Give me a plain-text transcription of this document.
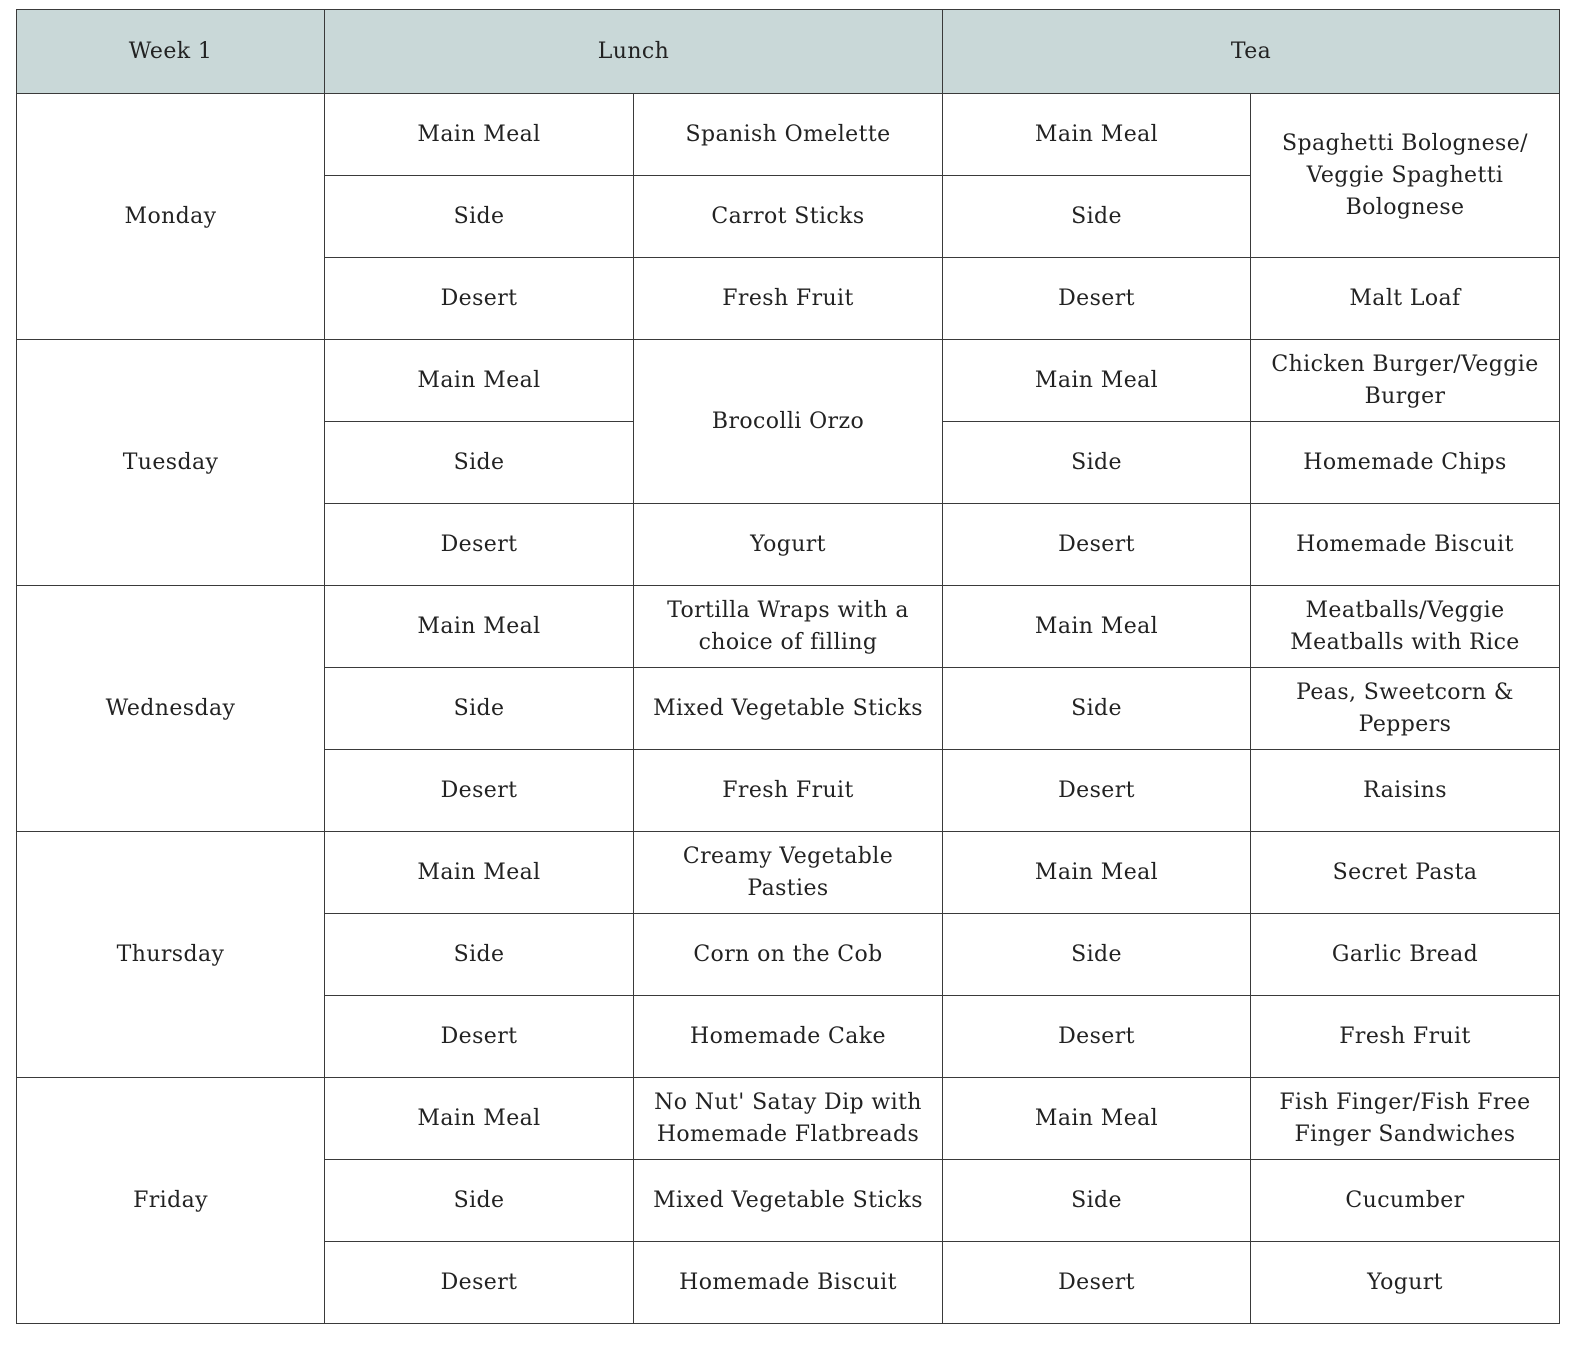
Week 1	Lunch		Tea	
Monday	Main Meal	Spanish Omelette	Main Meal	Spaghetti Bolognese/ Veggie Spaghetti Bolognese
	Side	Carrot Sticks	Side	
	Desert	Fresh Fruit	Desert	Malt Loaf
Tuesday	Main Meal	Brocolli Orzo	Main Meal	Chicken Burger/Veggie Burger
	Side		Side	Homemade Chips
	Desert	Yogurt	Desert	Homemade Biscuit
Wednesday	Main Meal	Tortilla Wraps with a choice of filling	Main Meal	Meatballs/Veggie Meatballs with Rice
	Side	Mixed Vegetable Sticks	Side	Peas, Sweetcorn & Peppers
	Desert	Fresh Fruit	Desert	Raisins
Thursday	Main Meal	Creamy Vegetable Pasties	Main Meal	Secret Pasta
	Side	Corn on the Cob	Side	Garlic Bread
	Desert	Homemade Cake	Desert	Fresh Fruit
Friday	Main Meal	No Nut' Satay Dip with Homemade Flatbreads	Main Meal	Fish Finger/Fish Free Finger Sandwiches
	Side	Mixed Vegetable Sticks	Side	Cucumber
	Desert	Homemade Biscuit	Desert	Yogurt
